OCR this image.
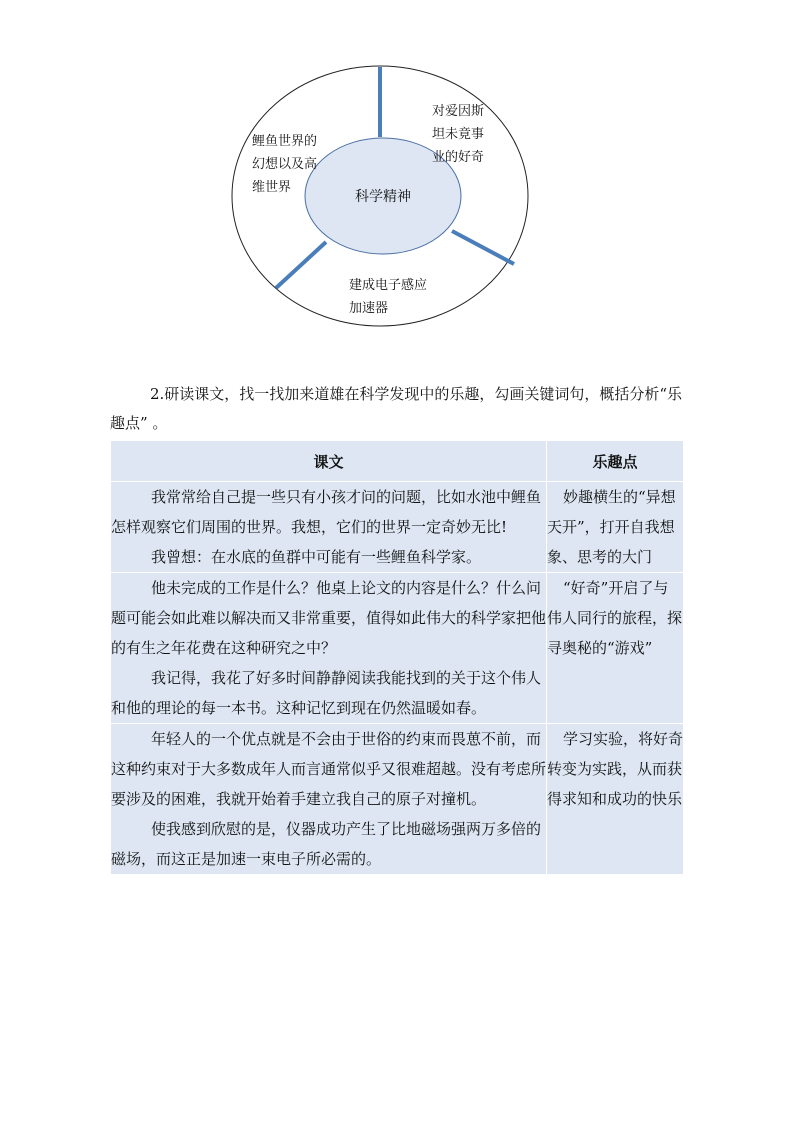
科学精神
对爱因斯
坦未竟事
业的好奇
鲤鱼世界的
幻想以及高
维世界
建成电子感应
加速器
2.研读课文，找一找加来道雄在科学发现中的乐趣，勾画关键词句，概括分析“乐趣点” 。
课文	乐趣点

我常常给自己提一些只有小孩才问的问题，比如水池中鲤鱼怎样观察它们周围的世界。我想，它们的世界一定奇妙无比!

我曾想：在水底的鱼群中可能有一些鲤鱼科学家。	妙趣横生的“异想天开”，打开自我想象、思考的大门

他未完成的工作是什么？他桌上论文的内容是什么？什么问题可能会如此难以解决而又非常重要，值得如此伟大的科学家把他的有生之年花费在这种研究之中？

我记得，我花了好多时间静静阅读我能找到的关于这个伟人和他的理论的每一本书。这种记忆到现在仍然温暖如春。	“好奇”开启了与伟人同行的旅程，探寻奥秘的“游戏”

年轻人的一个优点就是不会由于世俗的约束而畏葸不前，而这种约束对于大多数成年人而言通常似乎又很难超越。没有考虑所要涉及的困难，我就开始着手建立我自己的原子对撞机。

使我感到欣慰的是，仪器成功产生了比地磁场强两万多倍的磁场，而这正是加速一束电子所必需的。	学习实验，将好奇转变为实践，从而获得求知和成功的快乐
